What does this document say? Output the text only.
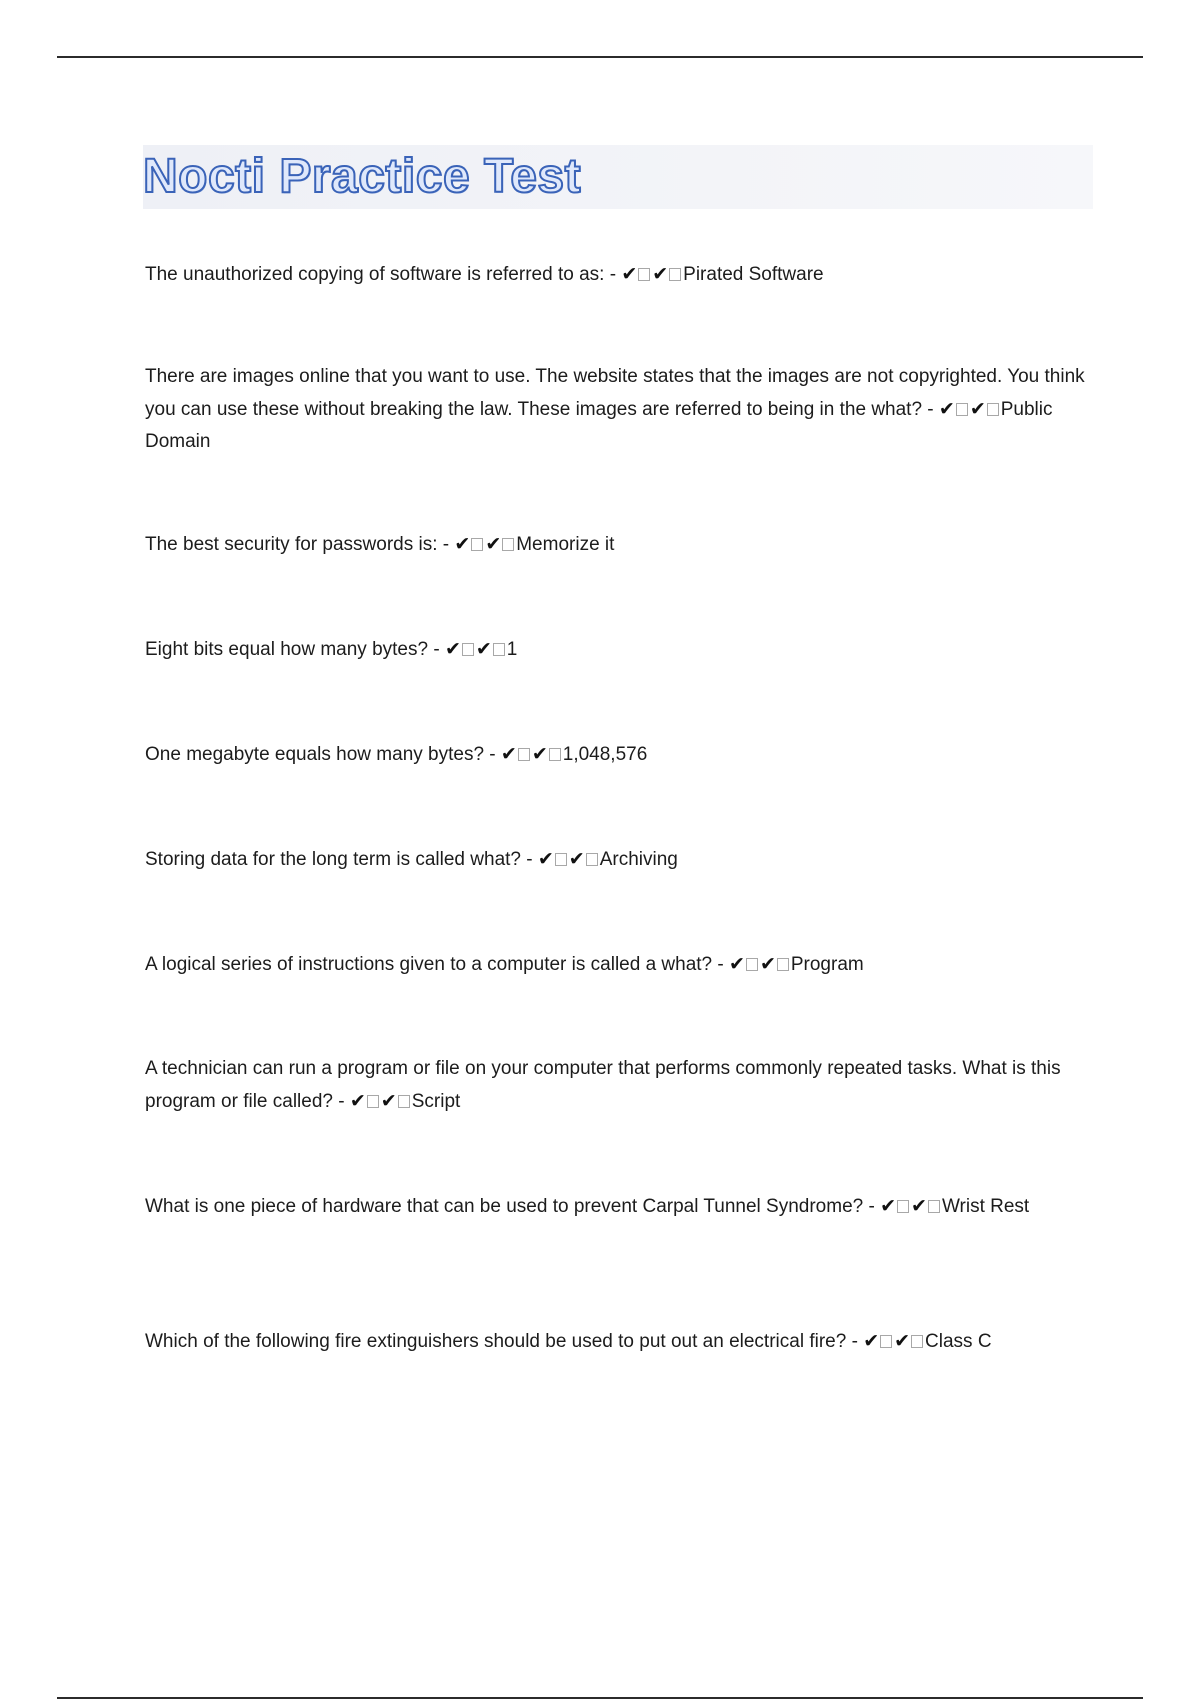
Nocti Practice Test
The unauthorized copying of software is referred to as: - ✔ ✔ Pirated Software
There are images online that you want to use. The website states that the images are not copyrighted. You think you can use these without breaking the law. These images are referred to being in the what? - ✔ ✔ Public Domain
The best security for passwords is: - ✔ ✔ Memorize it
Eight bits equal how many bytes? - ✔ ✔ 1
One megabyte equals how many bytes? - ✔ ✔ 1,048,576
Storing data for the long term is called what? - ✔ ✔ Archiving
A logical series of instructions given to a computer is called a what? - ✔ ✔ Program
A technician can run a program or file on your computer that performs commonly repeated tasks. What is this program or file called? - ✔ ✔ Script
What is one piece of hardware that can be used to prevent Carpal Tunnel Syndrome? - ✔ ✔ Wrist Rest
Which of the following fire extinguishers should be used to put out an electrical fire? - ✔ ✔ Class C
